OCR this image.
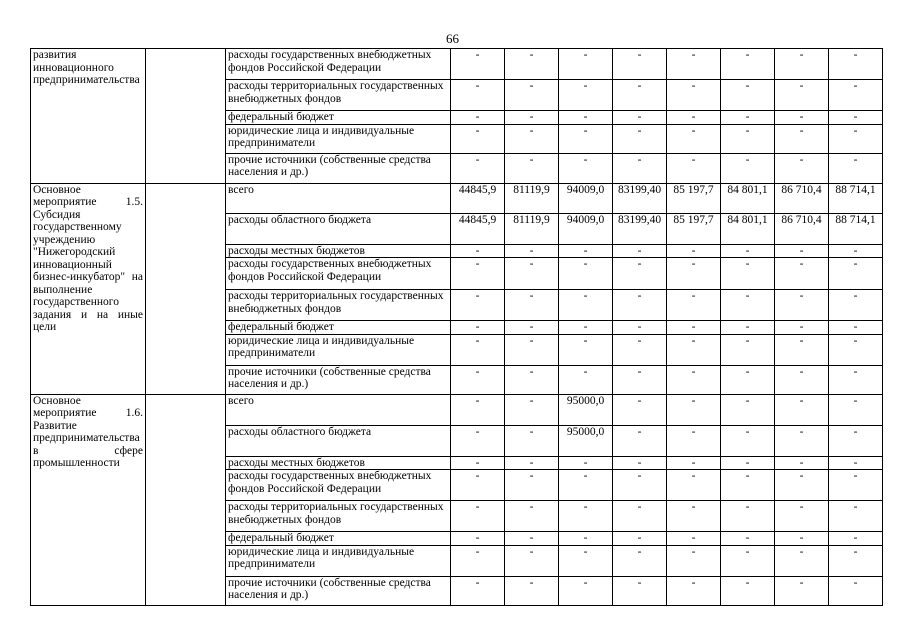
66
развития инновационного предпринимательства		расходы государственных внебюджетных фондов Российской Федерации	-	-	-	-	-	-	-	-
		расходы территориальных государственных внебюджетных фондов	-	-	-	-	-	-	-	-
		федеральный бюджет	-	-	-	-	-	-	-	-
		юридические лица и индивидуальные предприниматели	-	-	-	-	-	-	-	-
		прочие источники (собственные средства населения и др.)	-	-	-	-	-	-	-	-
Основное мероприятие 1.5. Субсидия государственному учреждению "Нижегородский инновационный бизнес-инкубатор" на выполнение государственного задания и на иные цели		всего	44845,9	81119,9	94009,0	83199,40	85 197,7	84 801,1	86 710,4	88 714,1
		расходы областного бюджета	44845,9	81119,9	94009,0	83199,40	85 197,7	84 801,1	86 710,4	88 714,1
		расходы местных бюджетов	-	-	-	-	-	-	-	-
		расходы государственных внебюджетных фондов Российской Федерации	-	-	-	-	-	-	-	-
		расходы территориальных государственных внебюджетных фондов	-	-	-	-	-	-	-	-
		федеральный бюджет	-	-	-	-	-	-	-	-
		юридические лица и индивидуальные предприниматели	-	-	-	-	-	-	-	-
		прочие источники (собственные средства населения и др.)	-	-	-	-	-	-	-	-
Основное мероприятие 1.6. Развитие предпринимательства в сфере промышленности		всего	-	-	95000,0	-	-	-	-	-
		расходы областного бюджета	-	-	95000,0	-	-	-	-	-
		расходы местных бюджетов	-	-	-	-	-	-	-	-
		расходы государственных внебюджетных фондов Российской Федерации	-	-	-	-	-	-	-	-
		расходы территориальных государственных внебюджетных фондов	-	-	-	-	-	-	-	-
		федеральный бюджет	-	-	-	-	-	-	-	-
		юридические лица и индивидуальные предприниматели	-	-	-	-	-	-	-	-
		прочие источники (собственные средства населения и др.)	-	-	-	-	-	-	-	-
